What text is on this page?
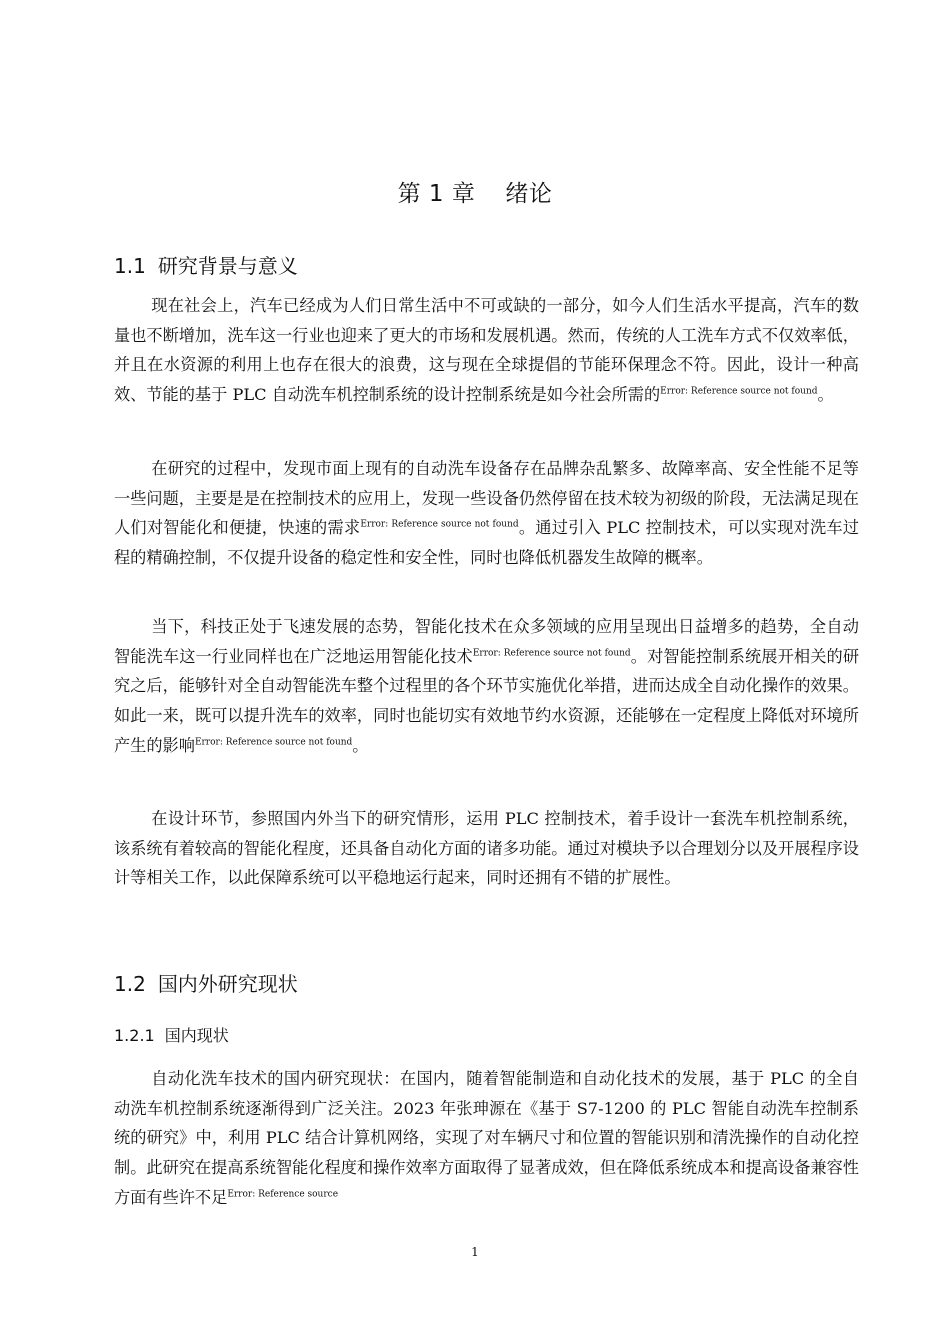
第 1 章 绪论
1.1 研究背景与意义

现在社会上，汽车已经成为人们日常生活中不可或缺的一部分，如今人们生活水平提高，汽车的数量也不断增加，洗车这一行业也迎来了更大的市场和发展机遇。然而，传统的人工洗车方式不仅效率低，并且在水资源的利用上也存在很大的浪费，这与现在全球提倡的节能环保理念不符。因此，设计一种高效、节能的基于 PLC 自动洗车机控制系统的设计控制系统是如今社会所需的$^{Error: Reference source not found}$。

在研究的过程中，发现市面上现有的自动洗车设备存在品牌杂乱繁多、故障率高、安全性能不足等一些问题，主要是是在控制技术的应用上，发现一些设备仍然停留在技术较为初级的阶段，无法满足现在人们对智能化和便捷，快速的需求$^{Error: Reference source not found}$。通过引入 PLC 控制技术，可以实现对洗车过程的精确控制，不仅提升设备的稳定性和安全性，同时也降低机器发生故障的概率。

当下，科技正处于飞速发展的态势，智能化技术在众多领域的应用呈现出日益增多的趋势，全自动智能洗车这一行业同样也在广泛地运用智能化技术$^{Error: Reference source not found}$。对智能控制系统展开相关的研究之后，能够针对全自动智能洗车整个过程里的各个环节实施优化举措，进而达成全自动化操作的效果。如此一来，既可以提升洗车的效率，同时也能切实有效地节约水资源，还能够在一定程度上降低对环境所产生的影响$^{Error: Reference source not found}$。

在设计环节，参照国内外当下的研究情形，运用 PLC 控制技术，着手设计一套洗车机控制系统，该系统有着较高的智能化程度，还具备自动化方面的诸多功能。通过对模块予以合理划分以及开展程序设计等相关工作，以此保障系统可以平稳地运行起来，同时还拥有不错的扩展性。

1.2 国内外研究现状
1.2.1 国内现状

自动化洗车技术的国内研究现状：在国内，随着智能制造和自动化技术的发展，基于 PLC 的全自动洗车机控制系统逐渐得到广泛关注。2023 年张珅源在《基于 S7-1200 的 PLC 智能自动洗车控制系统的研究》中，利用 PLC 结合计算机网络，实现了对车辆尺寸和位置的智能识别和清洗操作的自动化控制。此研究在提高系统智能化程度和操作效率方面取得了显著成效，但在降低系统成本和提高设备兼容性方面有些许不足$^{Error: Reference source}$

1
